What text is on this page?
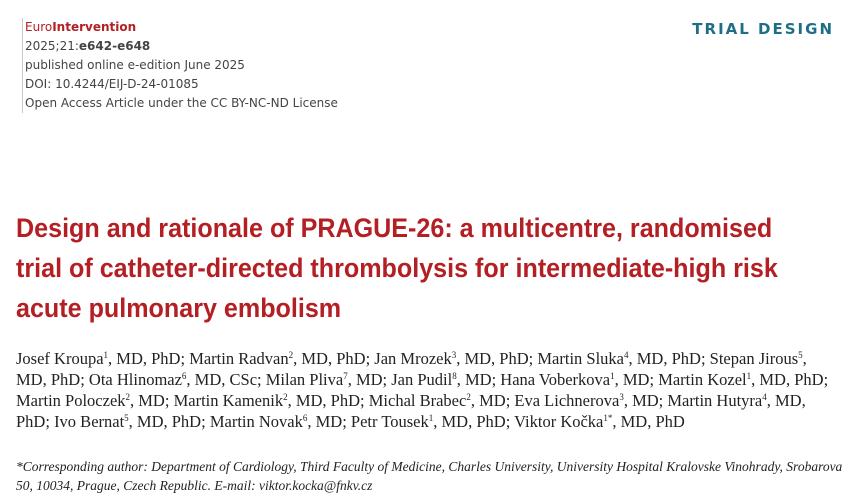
EuroIntervention
2025;21:e642-e648
published online e-edition June 2025
DOI: 10.4244/EIJ-D-24-01085
Open Access Article under the CC BY-NC-ND License
TRIAL DESIGN
Design and rationale of PRAGUE-26: a multicentre, randomised trial of catheter-directed thrombolysis for intermediate-high risk acute pulmonary embolism
Josef Kroupa$^1$, MD, PhD; Martin Radvan$^2$, MD, PhD; Jan Mrozek$^3$, MD, PhD; Martin Sluka$^4$, MD, PhD; Stepan Jirous$^5$, MD, PhD; Ota Hlinomaz$^6$, MD, CSc; Milan Pliva$^7$, MD; Jan Pudil$^8$, MD; Hana Voberkova$^1$, MD; Martin Kozel$^1$, MD, PhD; Martin Poloczek$^2$, MD; Martin Kamenik$^2$, MD, PhD; Michal Brabec$^2$, MD; Eva Lichnerova$^3$, MD; Martin Hutyra$^4$, MD, PhD; Ivo Bernat$^5$, MD, PhD; Martin Novak$^6$, MD; Petr Tousek$^1$, MD, PhD; Viktor Kočka$^{1*}$, MD, PhD
*Corresponding author: Department of Cardiology, Third Faculty of Medicine, Charles University, University Hospital Kralovske Vinohrady, Srobarova 50, 10034, Prague, Czech Republic. E-mail: viktor.kocka@fnkv.cz
